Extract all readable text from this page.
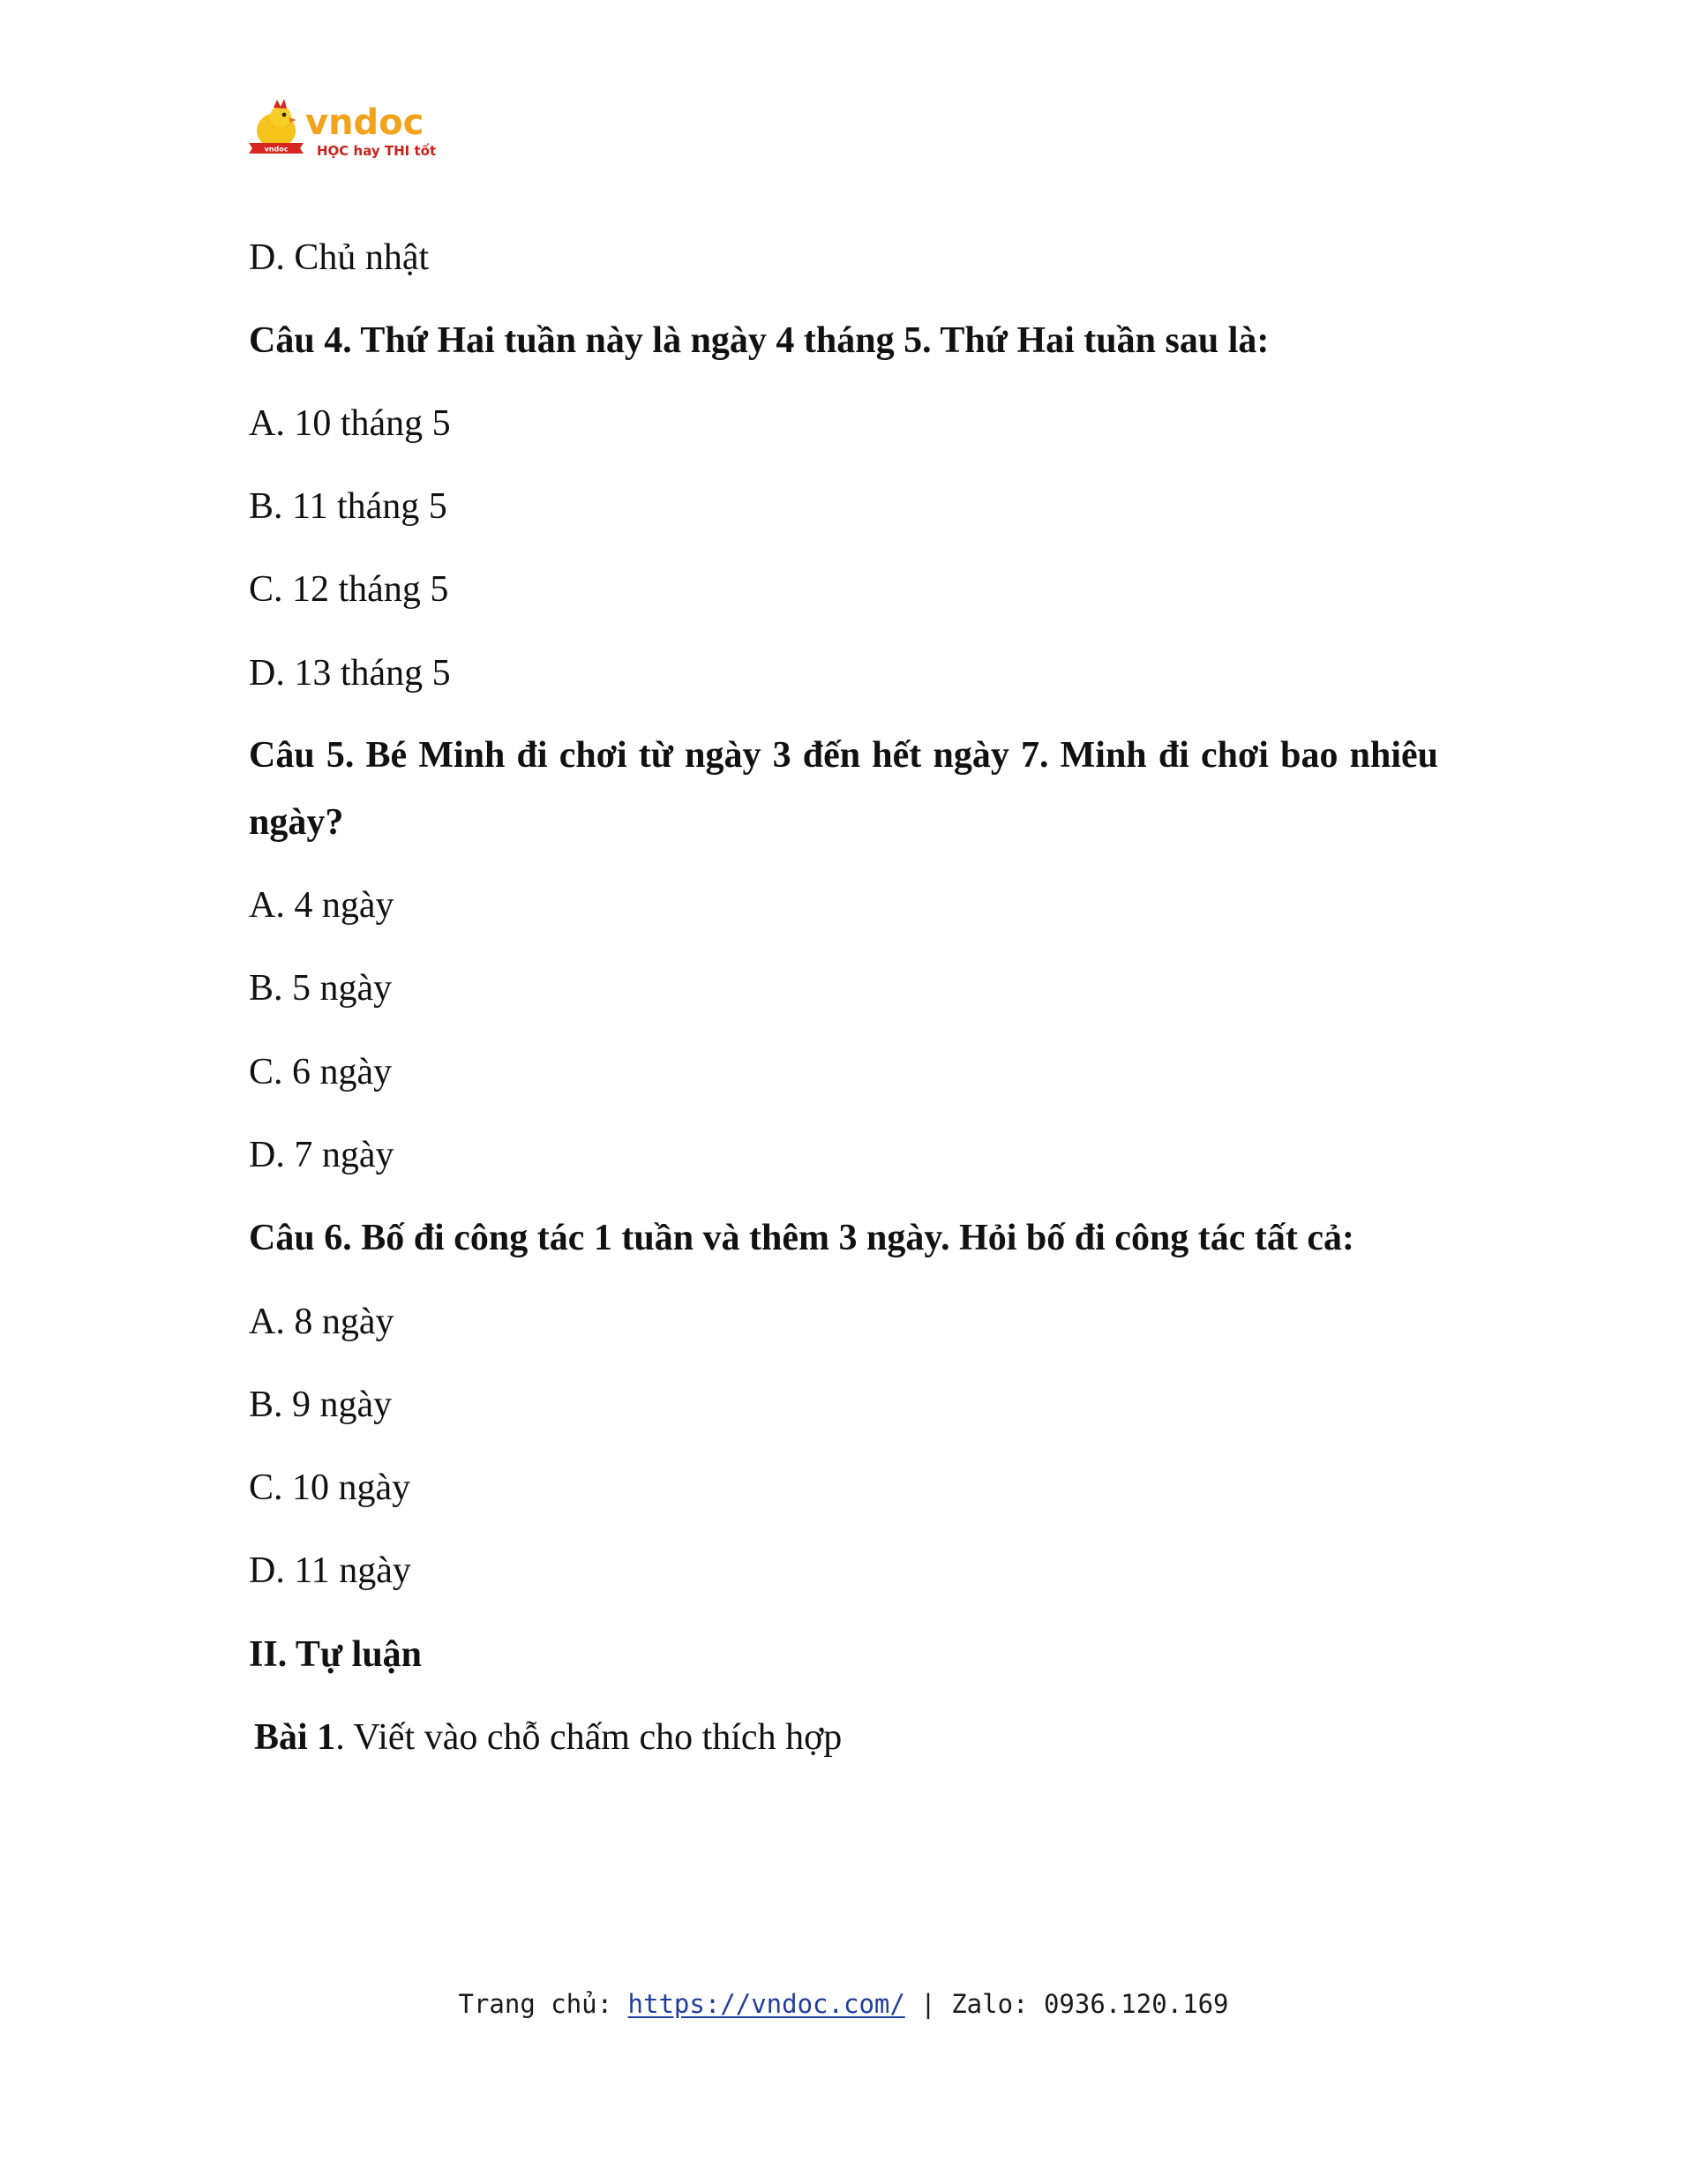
vndoc
vndoc
HỌC hay THI tốt
D. Chủ nhật
Câu 4. Thứ Hai tuần này là ngày 4 tháng 5. Thứ Hai tuần sau là:
A. 10 tháng 5
B. 11 tháng 5
C. 12 tháng 5
D. 13 tháng 5
Câu 5. Bé Minh đi chơi từ ngày 3 đến hết ngày 7. Minh đi chơi bao nhiêu ngày?
A. 4 ngày
B. 5 ngày
C. 6 ngày
D. 7 ngày
Câu 6. Bố đi công tác 1 tuần và thêm 3 ngày. Hỏi bố đi công tác tất cả:
A. 8 ngày
B. 9 ngày
C. 10 ngày
D. 11 ngày
II. Tự luận
Bài 1. Viết vào chỗ chấm cho thích hợp
Trang chủ: https://vndoc.com/ | Zalo: 0936.120.169
